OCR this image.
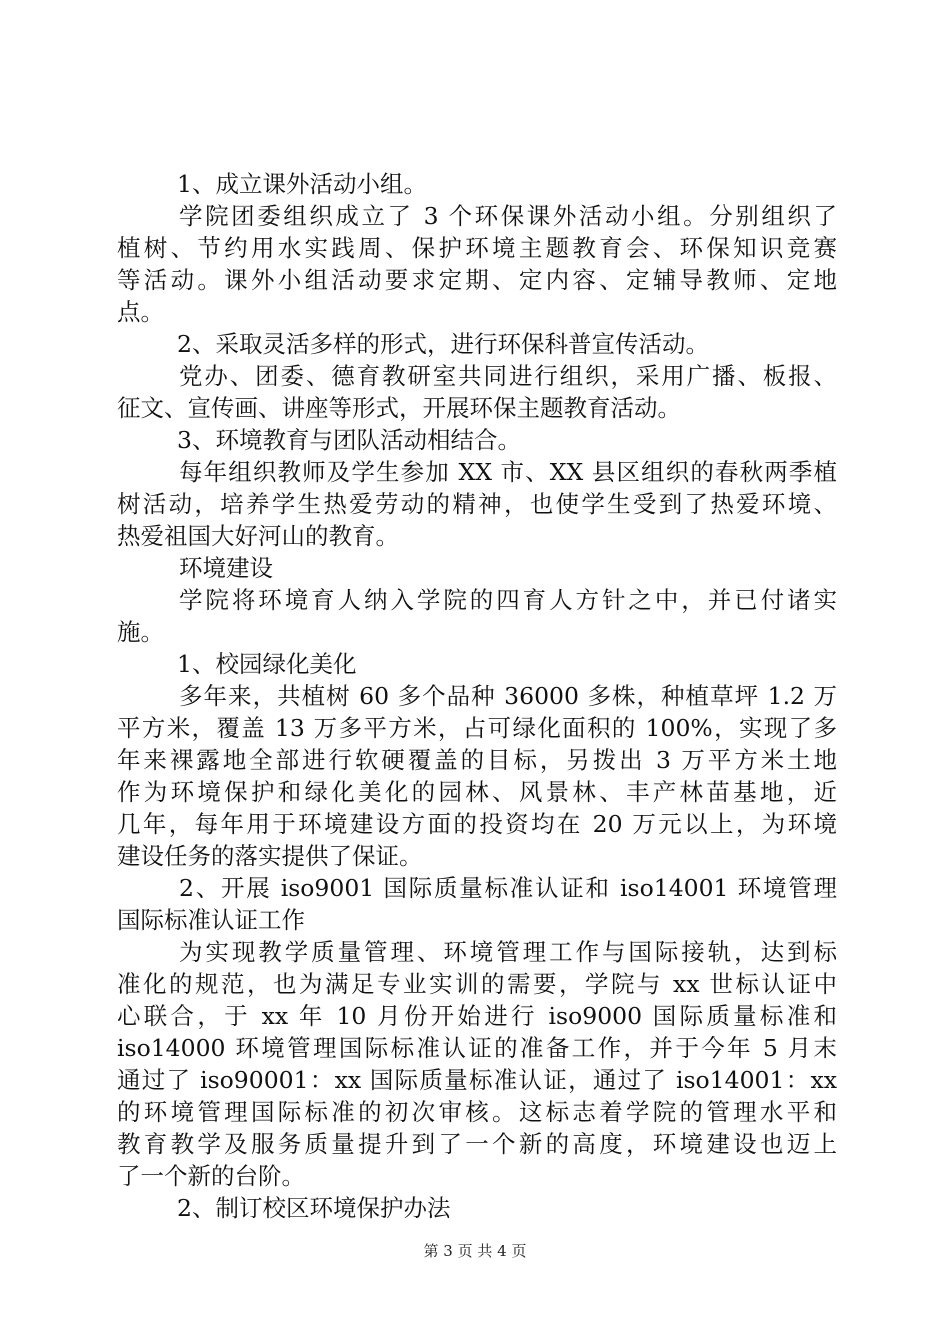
1、成立课外活动小组。
学院团委组织成立了 3 个环保课外活动小组。分别组织了
植树、节约用水实践周、保护环境主题教育会、环保知识竞赛
等活动。课外小组活动要求定期、定内容、定辅导教师、定地
点。
2、采取灵活多样的形式，进行环保科普宣传活动。
党办、团委、德育教研室共同进行组织，采用广播、板报、
征文、宣传画、讲座等形式，开展环保主题教育活动。
3、环境教育与团队活动相结合。
每年组织教师及学生参加 XX 市、XX 县区组织的春秋两季植
树活动，培养学生热爱劳动的精神，也使学生受到了热爱环境、
热爱祖国大好河山的教育。
环境建设
学院将环境育人纳入学院的四育人方针之中，并已付诸实
施。
1、校园绿化美化
多年来，共植树 60 多个品种 36000 多株，种植草坪 1.2 万
平方米，覆盖 13 万多平方米，占可绿化面积的 100%，实现了多
年来裸露地全部进行软硬覆盖的目标，另拨出 3 万平方米土地
作为环境保护和绿化美化的园林、风景林、丰产林苗基地，近
几年，每年用于环境建设方面的投资均在 20 万元以上，为环境
建设任务的落实提供了保证。
2、开展 iso9001 国际质量标准认证和 iso14001 环境管理
国际标准认证工作
为实现教学质量管理、环境管理工作与国际接轨，达到标
准化的规范，也为满足专业实训的需要，学院与 xx 世标认证中
心联合，于 xx 年 10 月份开始进行 iso9000 国际质量标准和
iso14000 环境管理国际标准认证的准备工作，并于今年 5 月末
通过了 iso90001：xx 国际质量标准认证，通过了 iso14001：xx
的环境管理国际标准的初次审核。这标志着学院的管理水平和
教育教学及服务质量提升到了一个新的高度，环境建设也迈上
了一个新的台阶。
2、制订校区环境保护办法
第 3 页 共 4 页
